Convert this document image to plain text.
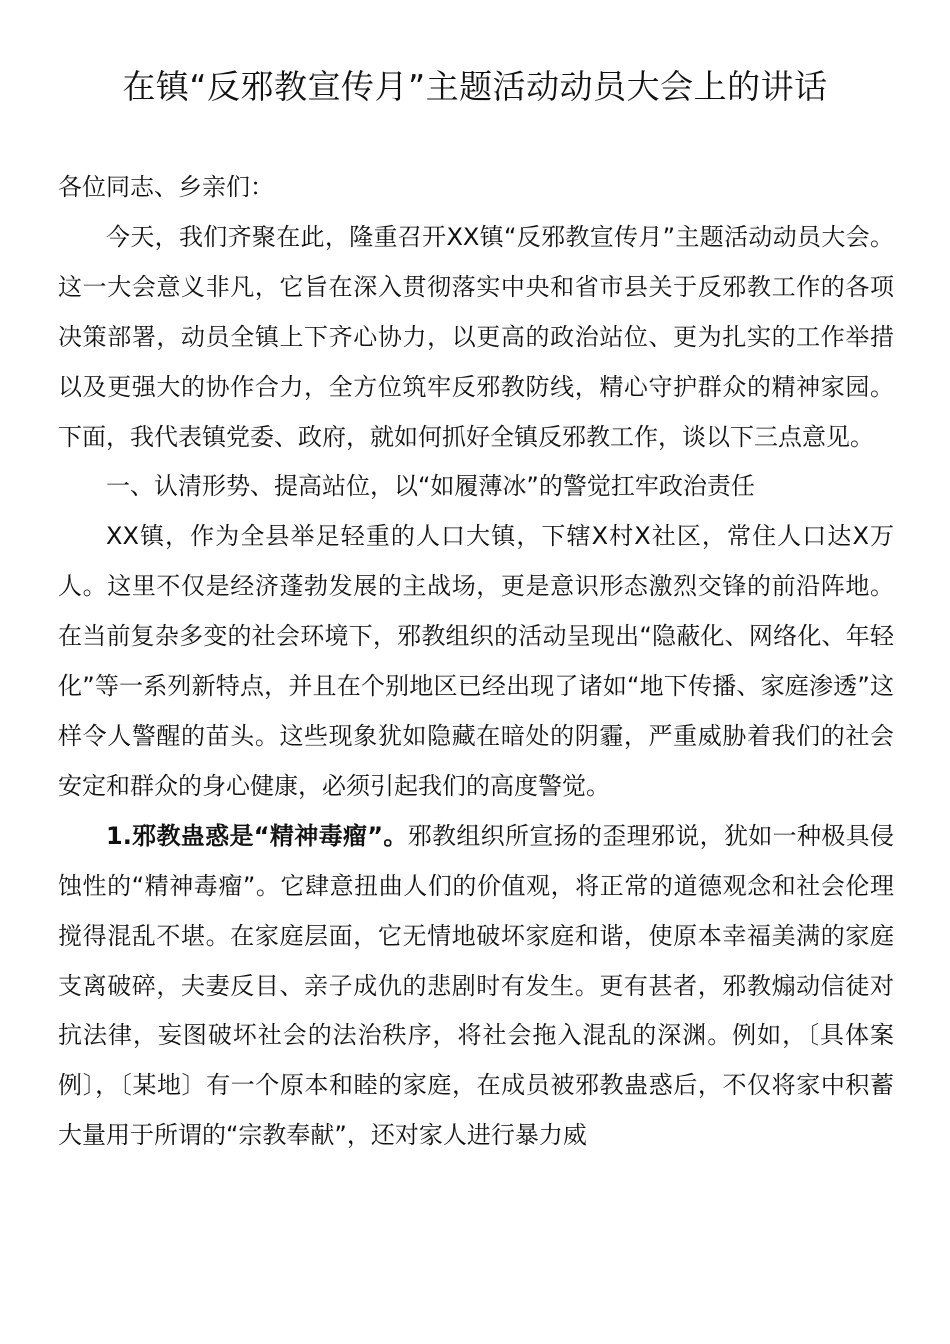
在镇“反邪教宣传月”主题活动动员大会上的讲话

各位同志、乡亲们：

今天，我们齐聚在此，隆重召开XX镇“反邪教宣传月”主题活动动员大会。这一大会意义非凡，它旨在深入贯彻落实中央和省市县关于反邪教工作的各项决策部署，动员全镇上下齐心协力，以更高的政治站位、更为扎实的工作举措以及更强大的协作合力，全方位筑牢反邪教防线，精心守护群众的精神家园。下面，我代表镇党委、政府，就如何抓好全镇反邪教工作，谈以下三点意见。

一、认清形势、提高站位，以“如履薄冰”的警觉扛牢政治责任

XX镇，作为全县举足轻重的人口大镇，下辖X村X社区，常住人口达X万人。这里不仅是经济蓬勃发展的主战场，更是意识形态激烈交锋的前沿阵地。在当前复杂多变的社会环境下，邪教组织的活动呈现出“隐蔽化、网络化、年轻化”等一系列新特点，并且在个别地区已经出现了诸如“地下传播、家庭渗透”这样令人警醒的苗头。这些现象犹如隐藏在暗处的阴霾，严重威胁着我们的社会安定和群众的身心健康，必须引起我们的高度警觉。

1.邪教蛊惑是“精神毒瘤”。邪教组织所宣扬的歪理邪说，犹如一种极具侵蚀性的“精神毒瘤”。它肆意扭曲人们的价值观，将正常的道德观念和社会伦理搅得混乱不堪。在家庭层面，它无情地破坏家庭和谐，使原本幸福美满的家庭支离破碎，夫妻反目、亲子成仇的悲剧时有发生。更有甚者，邪教煽动信徒对抗法律，妄图破坏社会的法治秩序，将社会拖入混乱的深渊。例如，〔具体案例〕，〔某地〕有一个原本和睦的家庭，在成员被邪教蛊惑后，不仅将家中积蓄大量用于所谓的“宗教奉献”，还对家人进行暴力威
